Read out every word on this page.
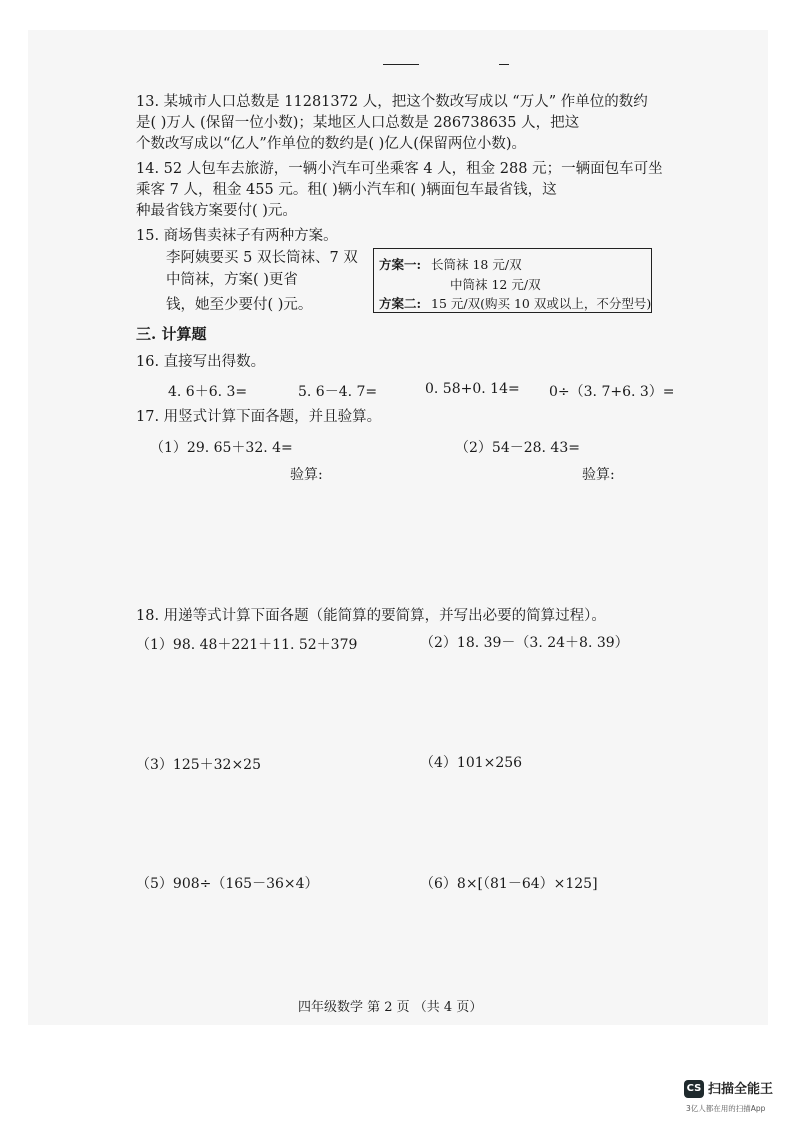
13. 某城市人口总数是 11281372 人，把这个数改写成以 “万人” 作单位的数约
是( )万人 (保留一位小数)；某地区人口总数是 286738635 人，把这
个数改写成以“亿人”作单位的数约是( )亿人(保留两位小数)。
14. 52 人包车去旅游，一辆小汽车可坐乘客 4 人，租金 288 元；一辆面包车可坐
乘客 7 人，租金 455 元。租( )辆小汽车和( )辆面包车最省钱，这
种最省钱方案要付( )元。
15. 商场售卖袜子有两种方案。
李阿姨要买 5 双长筒袜、7 双
中筒袜，方案( )更省
钱，她至少要付( )元。
方案一: 长筒袜 18 元/双
中筒袜 12 元/双
方案二: 15 元/双(购买 10 双或以上，不分型号)
三. 计算题
16. 直接写出得数。
4. 6＋6. 3=	5. 6－4. 7=	0. 58+0. 14= 0÷（3. 7+6. 3）=
17. 用竖式计算下面各题，并且验算。
（1）29. 65＋32. 4=	（2）54－28. 43=
验算:	验算:
18. 用递等式计算下面各题（能简算的要简算，并写出必要的简算过程）。
（1）98. 48＋221＋11. 52＋379	（2）18. 39－（3. 24＋8. 39）
（3）125＋32×25	（4）101×256
（5）908÷（165－36×4）	（6）8×[（81－64）×125]
四年级数学 第 2 页 （共 4 页）
CS 扫描全能王
3亿人都在用的扫描App
